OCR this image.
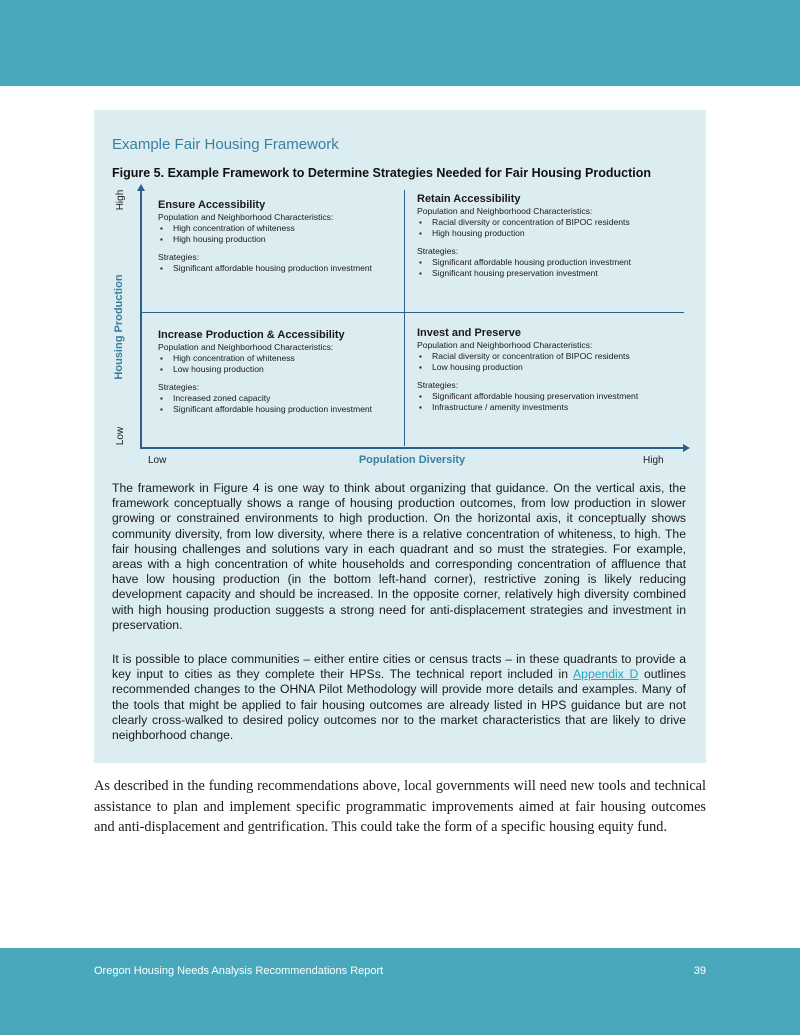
Example Fair Housing Framework
Figure 5. Example Framework to Determine Strategies Needed for Fair Housing Production
High
Low
Housing Production
Low	Population Diversity	High
Ensure Accessibility
Population and Neighborhood Characteristics:
▪ High concentration of whiteness
▪ High housing production
Strategies:
▪ Significant affordable housing production investment
Retain Accessibility
Population and Neighborhood Characteristics:
▪ Racial diversity or concentration of BIPOC residents
▪ High housing production
Strategies:
▪ Significant affordable housing production investment
▪ Significant housing preservation investment
Increase Production & Accessibility
Population and Neighborhood Characteristics:
▪ High concentration of whiteness
▪ Low housing production
Strategies:
▪ Increased zoned capacity
▪ Significant affordable housing production investment
Invest and Preserve
Population and Neighborhood Characteristics:
▪ Racial diversity or concentration of BIPOC residents
▪ Low housing production
Strategies:
▪ Significant affordable housing preservation investment
▪ Infrastructure / amenity investments
The framework in Figure 4 is one way to think about organizing that guidance. On the vertical axis, the framework conceptually shows a range of housing production outcomes, from low production in slower growing or constrained environments to high production. On the horizontal axis, it conceptually shows community diversity, from low diversity, where there is a relative concentration of whiteness, to high. The fair housing challenges and solutions vary in each quadrant and so must the strategies. For example, areas with a high concentration of white households and corresponding concentration of affluence that have low housing production (in the bottom left-hand corner), restrictive zoning is likely reducing development capacity and should be increased. In the opposite corner, relatively high diversity combined with high housing production suggests a strong need for anti-displacement strategies and investment in preservation.
It is possible to place communities – either entire cities or census tracts – in these quadrants to provide a key input to cities as they complete their HPSs. The technical report included in Appendix D outlines recommended changes to the OHNA Pilot Methodology will provide more details and examples. Many of the tools that might be applied to fair housing outcomes are already listed in HPS guidance but are not clearly cross-walked to desired policy outcomes nor to the market characteristics that are likely to drive neighborhood change.
As described in the funding recommendations above, local governments will need new tools and technical assistance to plan and implement specific programmatic improvements aimed at fair housing outcomes and anti-displacement and gentrification. This could take the form of a specific housing equity fund.
Oregon Housing Needs Analysis Recommendations Report	39
